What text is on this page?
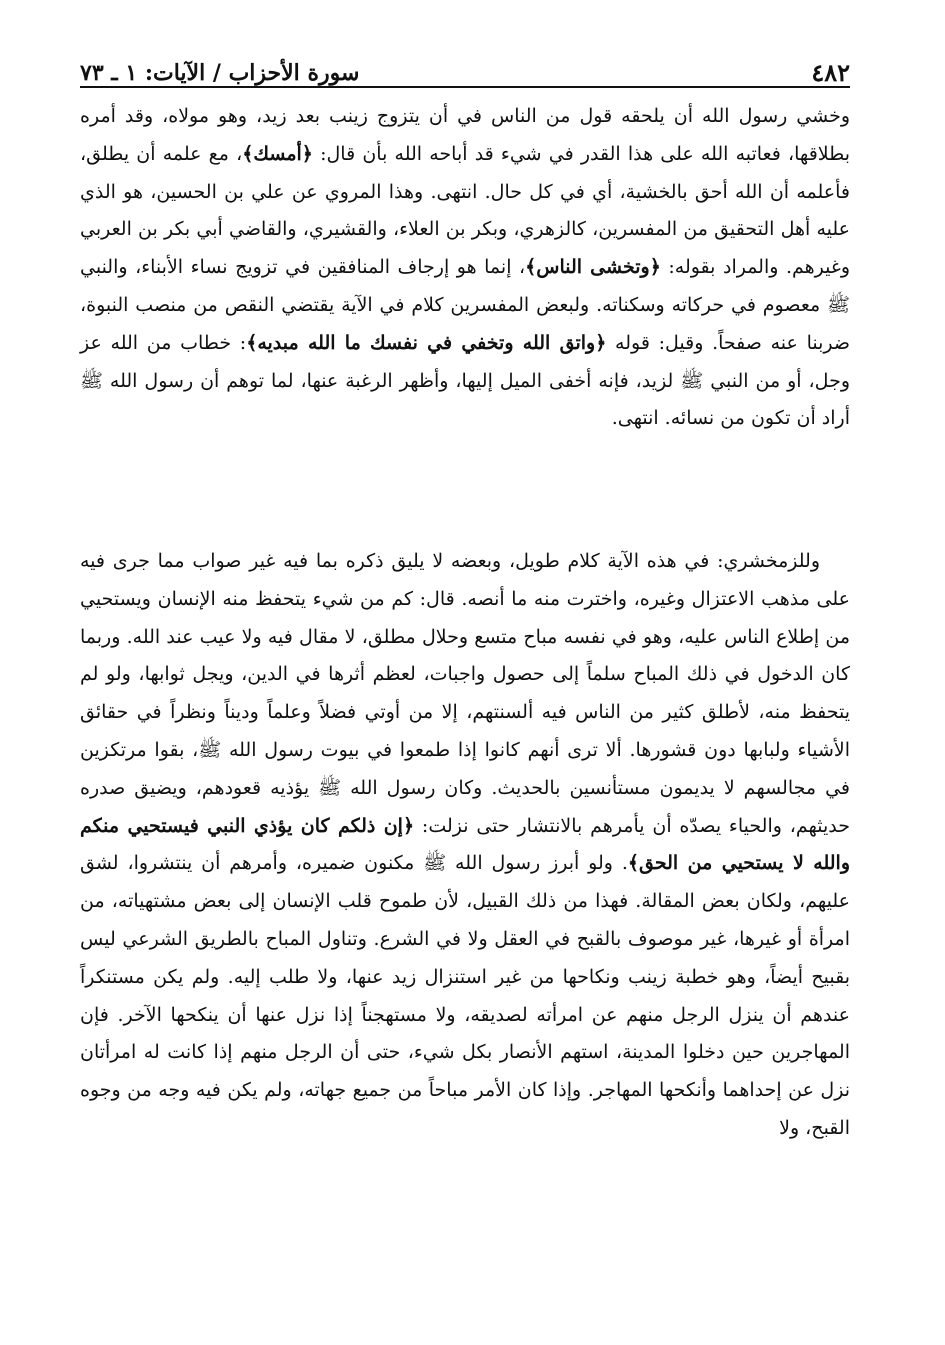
٤٨٢
سورة الأحزاب / الآيات: ١ ـ ٧٣

وخشي رسول الله أن يلحقه قول من الناس في أن يتزوج زينب بعد زيد، وهو مولاه، وقد أمره بطلاقها، فعاتبه الله على هذا القدر في شيء قد أباحه الله بأن قال: ﴿أمسك﴾، مع علمه أن يطلق، فأعلمه أن الله أحق بالخشية، أي في كل حال. انتهى. وهذا المروي عن علي بن الحسين، هو الذي عليه أهل التحقيق من المفسرين، كالزهري، وبكر بن العلاء، والقشيري، والقاضي أبي بكر بن العربي وغيرهم. والمراد بقوله: ﴿وتخشى الناس﴾، إنما هو إرجاف المنافقين في تزويج نساء الأبناء، والنبي ﷺ معصوم في حركاته وسكناته. ولبعض المفسرين كلام في الآية يقتضي النقص من منصب النبوة، ضربنا عنه صفحاً. وقيل: قوله ﴿واتق الله وتخفي في نفسك ما الله مبديه﴾: خطاب من الله عز وجل، أو من النبي ﷺ لزيد، فإنه أخفى الميل إليها، وأظهر الرغبة عنها، لما توهم أن رسول الله ﷺ أراد أن تكون من نسائه. انتهى.

وللزمخشري: في هذه الآية كلام طويل، وبعضه لا يليق ذكره بما فيه غير صواب مما جرى فيه على مذهب الاعتزال وغيره، واخترت منه ما أنصه. قال: كم من شيء يتحفظ منه الإنسان ويستحيي من إطلاع الناس عليه، وهو في نفسه مباح متسع وحلال مطلق، لا مقال فيه ولا عيب عند الله. وربما كان الدخول في ذلك المباح سلماً إلى حصول واجبات، لعظم أثرها في الدين، ويجل ثوابها، ولو لم يتحفظ منه، لأطلق كثير من الناس فيه ألسنتهم، إلا من أوتي فضلاً وعلماً وديناً ونظراً في حقائق الأشياء ولبابها دون قشورها. ألا ترى أنهم كانوا إذا طمعوا في بيوت رسول الله ﷺ، بقوا مرتكزين في مجالسهم لا يديمون مستأنسين بالحديث. وكان رسول الله ﷺ يؤذيه قعودهم، ويضيق صدره حديثهم، والحياء يصدّه أن يأمرهم بالانتشار حتى نزلت: ﴿إن ذلكم كان يؤذي النبي فيستحيي منكم والله لا يستحيي من الحق﴾. ولو أبرز رسول الله ﷺ مكنون ضميره، وأمرهم أن ينتشروا، لشق عليهم، ولكان بعض المقالة. فهذا من ذلك القبيل، لأن طموح قلب الإنسان إلى بعض مشتهياته، من امرأة أو غيرها، غير موصوف بالقبح في العقل ولا في الشرع. وتناول المباح بالطريق الشرعي ليس بقبيح أيضاً، وهو خطبة زينب ونكاحها من غير استنزال زيد عنها، ولا طلب إليه. ولم يكن مستنكراً عندهم أن ينزل الرجل منهم عن امرأته لصديقه، ولا مستهجناً إذا نزل عنها أن ينكحها الآخر. فإن المهاجرين حين دخلوا المدينة، استهم الأنصار بكل شيء، حتى أن الرجل منهم إذا كانت له امرأتان نزل عن إحداهما وأنكحها المهاجر. وإذا كان الأمر مباحاً من جميع جهاته، ولم يكن فيه وجه من وجوه القبح، ولا
